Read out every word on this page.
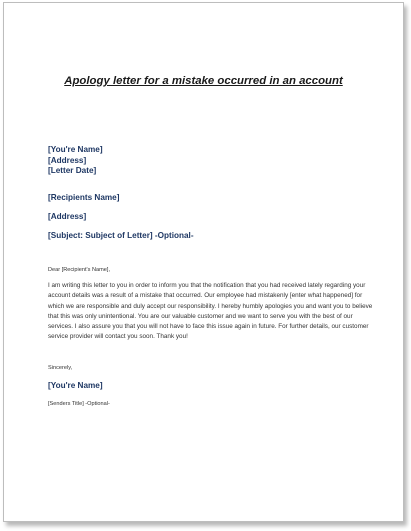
Apology letter for a mistake occurred in an account
[You're Name]
[Address]
[Letter Date]
[Recipients Name]
[Address]
[Subject: Subject of Letter] -Optional-
Dear [Recipient's Name],
I am writing this letter to you in order to inform you that the notification that you had received lately regarding your account details was a result of a mistake that occurred. Our employee had mistakenly [enter what happened] for which we are responsible and duly accept our responsibility. I hereby humbly apologies you and want you to believe that this was only unintentional. You are our valuable customer and we want to serve you with the best of our services. I also assure you that you will not have to face this issue again in future. For further details, our customer service provider will contact you soon. Thank you!
Sincerely,
[You're Name]
[Senders Title] -Optional-
